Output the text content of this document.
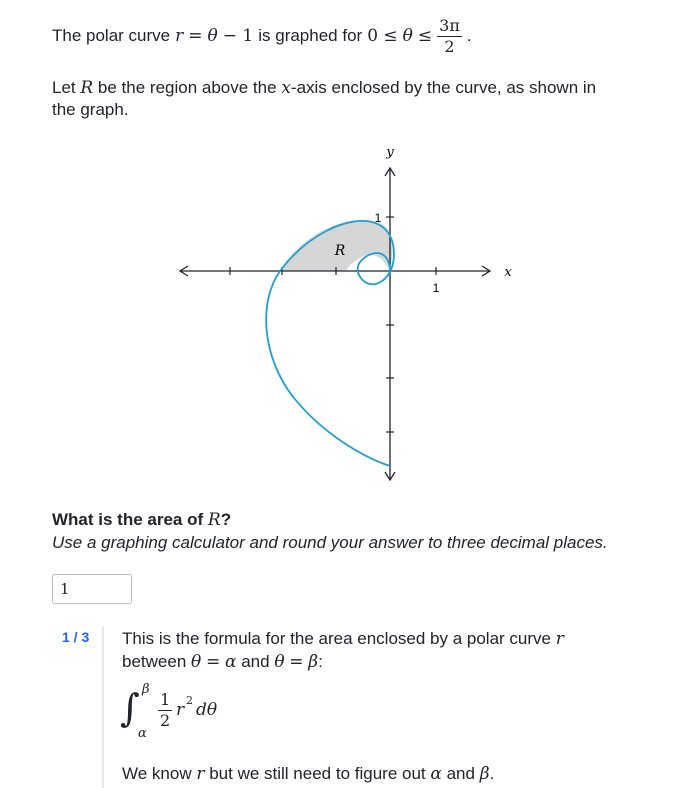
The polar curve r = θ − 1 is graphed for $0 \le \theta \le \frac{3\pi}{2}$ .
Let R be the region above the x-axis enclosed by the curve, as shown in
the graph.
y
x
R
1
1
What is the area of R?
Use a graphing calculator and round your answer to three decimal places.
1
1 / 3 This is the formula for the area enclosed by a polar curve r
between θ = α and θ = β:
∫ β
α
$\frac{1}{2}$ r 2 dθ
We know r but we still need to figure out α and β.
